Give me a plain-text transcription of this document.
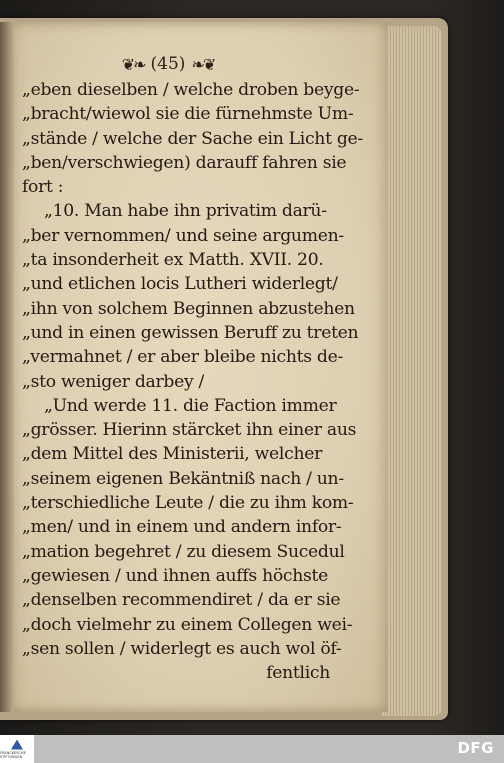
❦❧ (45) ❧❦
„eben dieselben / welche droben beyge-
„bracht/wiewol sie die fürnehmste Um-
„stände / welche der Sache ein Licht ge-
„ben/verschwiegen) darauff fahren sie
fort :
„10. Man habe ihn privatim darü-
„ber vernommen/ und seine argumen-
„ta insonderheit ex Matth. XVII. 20.
„und etlichen locis Lutheri widerlegt/
„ihn von solchem Beginnen abzustehen
„und in einen gewissen Beruff zu treten
„vermahnet / er aber bleibe nichts de-
„sto weniger darbey /
„Und werde 11. die Faction immer
„grösser. Hierinn stärcket ihn einer aus
„dem Mittel des Ministerii, welcher
„seinem eigenen Bekäntniß nach / un-
„terschiedliche Leute / die zu ihm kom-
„men/ und in einem und andern infor-
„mation begehret / zu diesem Sucedul
„gewiesen / und ihnen auffs höchste
„denselben recommendiret / da er sie
„doch vielmehr zu einem Collegen wei-
„sen sollen / widerlegt es auch wol öf-
fentlich
FRANCKESCHE STIFTUNGEN	DFG
